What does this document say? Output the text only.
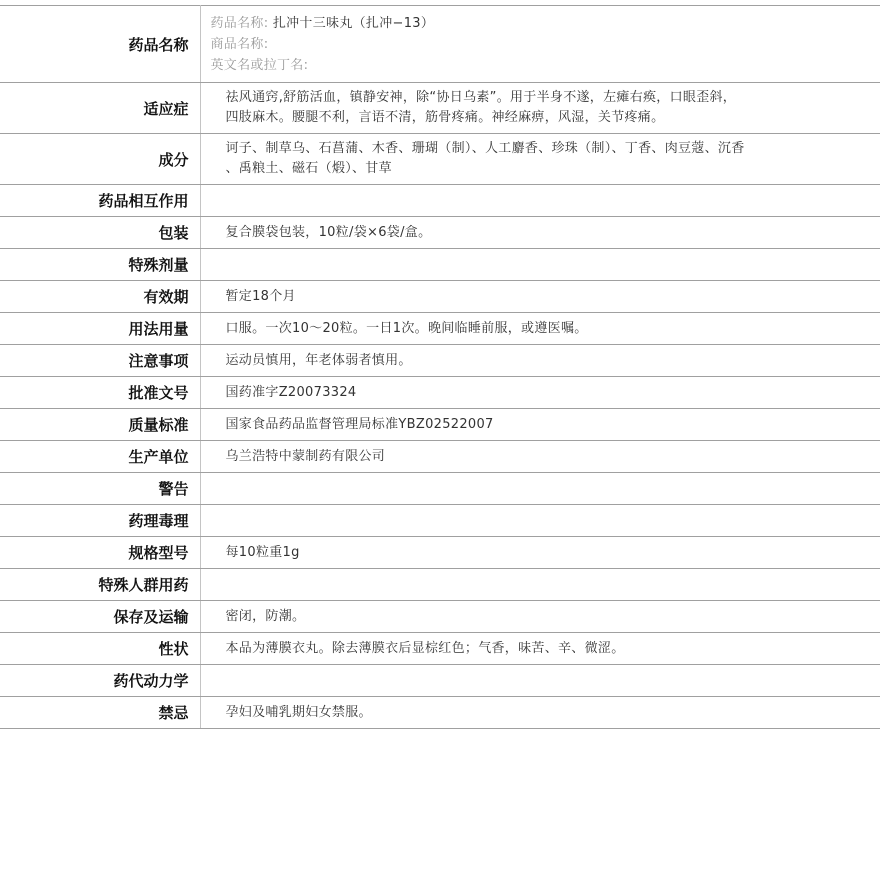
药品名称	药品名称: 扎冲十三味丸（扎冲−13）
商品名称:
英文名或拉丁名:

适应症	祛风通窍,舒筋活血，镇静安神，除“协日乌素”。用于半身不遂，左瘫右痪，口眼歪斜，
四肢麻木。腰腿不利，言语不清，筋骨疼痛。神经麻痹，风湿，关节疼痛。

成分	诃子、制草乌、石菖蒲、木香、珊瑚（制）、人工麝香、珍珠（制）、丁香、肉豆蔻、沉香
、禹粮土、磁石（煅）、甘草

药品相互作用	

包装	复合膜袋包装，10粒/袋×6袋/盒。

特殊剂量	

有效期	暂定18个月

用法用量	口服。一次10～20粒。一日1次。晚间临睡前服，或遵医嘱。

注意事项	运动员慎用，年老体弱者慎用。

批准文号	国药准字Z20073324

质量标准	国家食品药品监督管理局标准YBZ02522007

生产单位	乌兰浩特中蒙制药有限公司

警告	

药理毒理	

规格型号	每10粒重1g

特殊人群用药	

保存及运输	密闭，防潮。

性状	本品为薄膜衣丸。除去薄膜衣后显棕红色；气香，味苦、辛、微涩。

药代动力学	

禁忌	孕妇及哺乳期妇女禁服。
